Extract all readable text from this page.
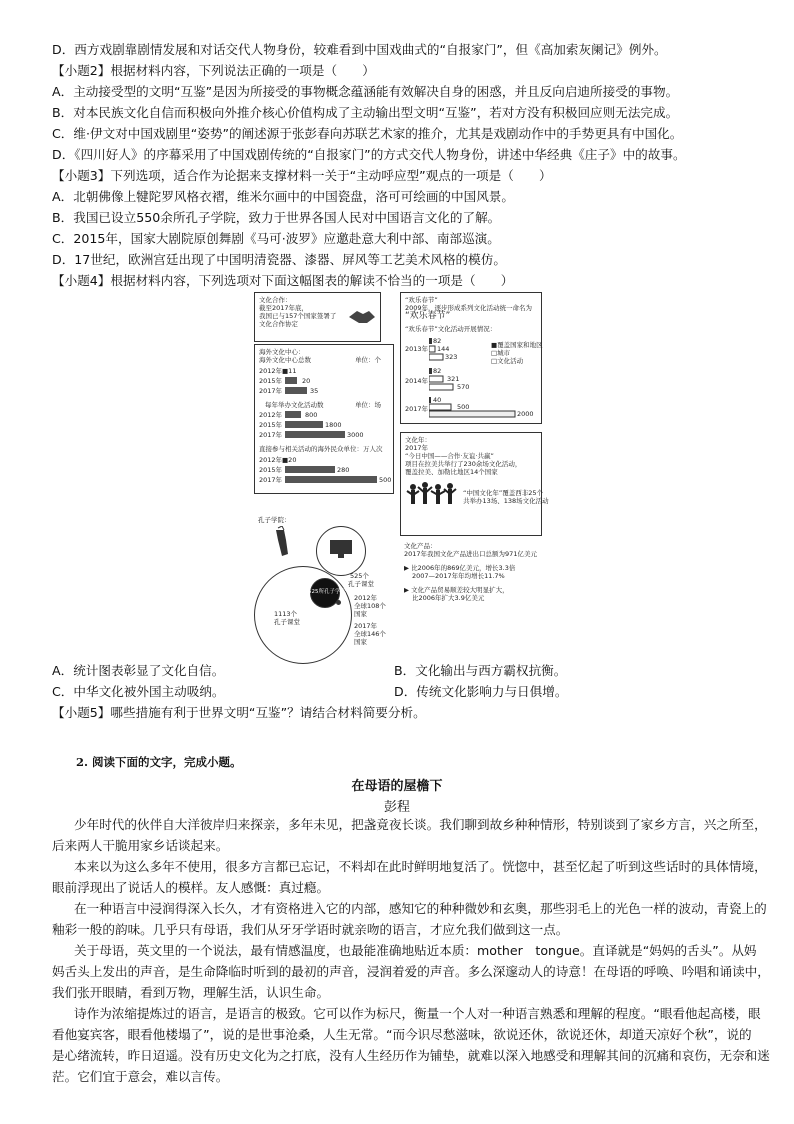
D．西方戏剧靠剧情发展和对话交代人物身份，较难看到中国戏曲式的“自报家门”，但《高加索灰阑记》例外。
【小题2】根据材料内容，下列说法正确的一项是（　　）
A．主动接受型的文明“互鉴”是因为所接受的事物概念蕴涵能有效解决自身的困惑，并且反向启迪所接受的事物。
B．对本民族文化自信而积极向外推介核心价值构成了主动输出型文明“互鉴”，若对方没有积极回应则无法完成。
C．维·伊文对中国戏剧里“姿势”的阐述源于张彭春向苏联艺术家的推介，尤其是戏剧动作中的手势更具有中国化。
D．《四川好人》的序幕采用了中国戏剧传统的“自报家门”的方式交代人物身份，讲述中华经典《庄子》中的故事。
【小题3】下列选项，适合作为论据来支撑材料一关于“主动呼应型”观点的一项是（　　）
A．北朝佛像上犍陀罗风格衣褶，维米尔画中的中国瓷盘，洛可可绘画的中国风景。
B．我国已设立550余所孔子学院，致力于世界各国人民对中国语言文化的了解。
C．2015年，国家大剧院原创舞剧《马可·波罗》应邀赴意大利中部、南部巡演。
D．17世纪，欧洲宫廷出现了中国明清瓷器、漆器、屏风等工艺美术风格的模仿。
【小题4】根据材料内容，下列选项对下面这幅图表的解读不恰当的一项是（　　）
文化合作：
截至2017年底，
我国已与157个国家签署了
文化合作协定
海外文化中心：
海外文化中心总数	单位：个
2012年■11
2015年	20
2017年	35
每年举办文化活动数	单位：场
2012年	800
2015年	1800
2017年	3000
直接参与相关活动的海外民众单位：万人次
2012年■20
2015年	280
2017年	500
“欢乐春节”
2009年，逐步形成系列文化活动统一命名为
“欢乐春节”
“欢乐春节”文化活动开展情况：
2013年
82
144
323
2014年
82
321
570
2017年
40
500
2000
■覆盖国家和地区
□城市
□文化活动
文化年：
2017年
“今日中国——合作·友谊·共赢”
项目在拉美共举行了230余场文化活动，
覆盖拉美、加勒比地区14个国家
“中国文化年”覆盖西非25个
共举办13场、138场文化活动
孔子学院：
525个
孔子课堂
525所孔子学院
1113个
孔子课堂
2012年
全球108个
国家
2017年
全球146个
国家
文化产品：
2017年我国文化产品进出口总额为971亿美元
▶ 比2006年的869亿美元，增长3.3倍
2007—2017年年均增长11.7%
▶ 文化产品贸易顺差较大明显扩大，
比2006年扩大3.9亿美元
A．统计图表彰显了文化自信。	B．文化输出与西方霸权抗衡。
C．中华文化被外国主动吸纳。	D．传统文化影响力与日俱增。
【小题5】哪些措施有利于世界文明“互鉴”？请结合材料简要分析。
2. 阅读下面的文字，完成小题。
在母语的屋檐下
彭程
少年时代的伙伴自大洋彼岸归来探亲，多年未见，把盏竟夜长谈。我们聊到故乡种种情形，特别谈到了家乡方言，兴之所至，
后来两人干脆用家乡话谈起来。
本来以为这么多年不使用，很多方言都已忘记，不料却在此时鲜明地复活了。恍惚中，甚至忆起了听到这些话时的具体情境，
眼前浮现出了说话人的模样。友人感慨：真过瘾。
在一种语言中浸润得深入长久，才有资格进入它的内部，感知它的种种微妙和玄奥，那些羽毛上的光色一样的波动，青瓷上的
釉彩一般的韵味。几乎只有母语，我们从牙牙学语时就亲吻的语言，才应允我们做到这一点。
关于母语，英文里的一个说法，最有情感温度，也最能准确地贴近本质：mother　tongue。直译就是“妈妈的舌头”。从妈
妈舌头上发出的声音，是生命降临时听到的最初的声音，浸润着爱的声音。多么深邃动人的诗意！在母语的呼唤、吟唱和诵读中，
我们张开眼睛，看到万物，理解生活，认识生命。
诗作为浓缩提炼过的语言，是语言的极致。它可以作为标尺，衡量一个人对一种语言熟悉和理解的程度。“眼看他起高楼，眼
看他宴宾客，眼看他楼塌了”，说的是世事沧桑，人生无常。“而今识尽愁滋味，欲说还休，欲说还休，却道天凉好个秋”，说的
是心绪流转，昨日迢遥。没有历史文化为之打底，没有人生经历作为铺垫，就难以深入地感受和理解其间的沉痛和哀伤，无奈和迷
茫。它们宜于意会，难以言传。
